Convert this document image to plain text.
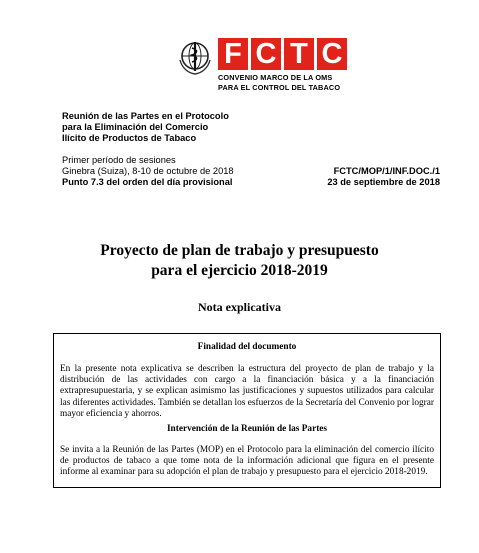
F C T C
CONVENIO MARCO DE LA OMS
PARA EL CONTROL DEL TABACO
Reunión de las Partes en el Protocolo
para la Eliminación del Comercio
Ilícito de Productos de Tabaco
Primer período de sesiones
Ginebra (Suiza), 8-10 de octubre de 2018
Punto 7.3 del orden del día provisional
FCTC/MOP/1/INF.DOC./1
23 de septiembre de 2018
Proyecto de plan de trabajo y presupuesto
para el ejercicio 2018-2019
Nota explicativa
Finalidad del documento
En la presente nota explicativa se describen la estructura del proyecto de plan de trabajo y la distribución de las actividades con cargo a la financiación básica y a la financiación extrapresupuestaria, y se explican asimismo las justificaciones y supuestos utilizados para calcular las diferentes actividades. También se detallan los esfuerzos de la Secretaría del Convenio por lograr mayor eficiencia y ahorros.
Intervención de la Reunión de las Partes
Se invita a la Reunión de las Partes (MOP) en el Protocolo para la eliminación del comercio ilícito de productos de tabaco a que tome nota de la información adicional que figura en el presente informe al examinar para su adopción el plan de trabajo y presupuesto para el ejercicio 2018-2019.
